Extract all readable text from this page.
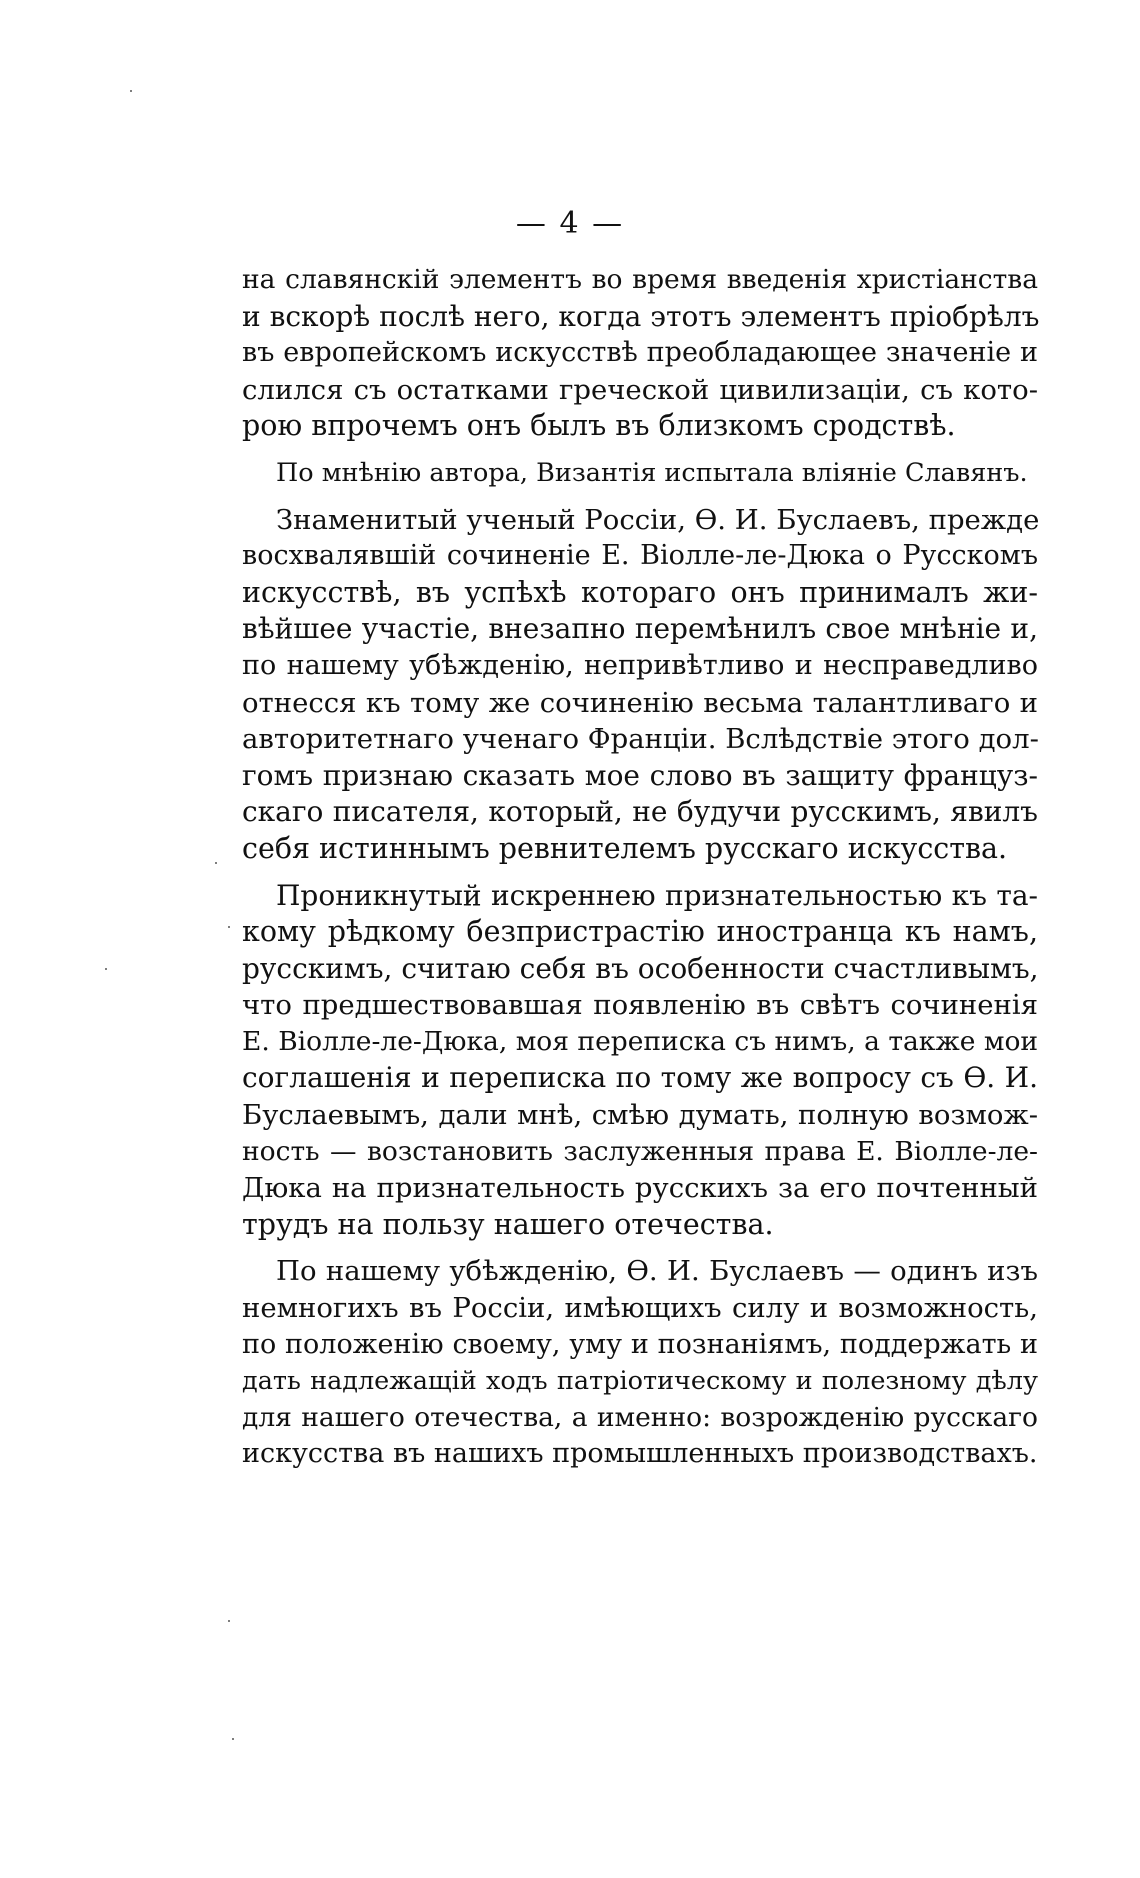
— 4 —
на славянскій элементъ во время введенія христіанства
и вскорѣ послѣ него, когда этотъ элементъ пріобрѣлъ
въ европейскомъ искусствѣ преобладающее значеніе и
слился съ остатками греческой цивилизаціи, съ кото-
рою впрочемъ онъ былъ въ близкомъ сродствѣ.
По мнѣнію автора, Византія испытала вліяніе Славянъ.
Знаменитый ученый Россіи, Ѳ. И. Буслаевъ, прежде
восхвалявшій сочиненіе Е. Віолле-ле-Дюка о Русскомъ
искусствѣ, въ успѣхѣ котораго онъ принималъ жи-
вѣйшее участіе, внезапно перемѣнилъ свое мнѣніе и,
по нашему убѣжденію, непривѣтливо и несправедливо
отнесся къ тому же сочиненію весьма талантливаго и
авторитетнаго ученаго Франціи. Вслѣдствіе этого дол-
гомъ признаю сказать мое слово въ защиту француз-
скаго писателя, который, не будучи русскимъ, явилъ
себя истиннымъ ревнителемъ русскаго искусства.
Проникнутый искреннею признательностью къ та-
кому рѣдкому безпристрастію иностранца къ намъ,
русскимъ, считаю себя въ особенности счастливымъ,
что предшествовавшая появленію въ свѣтъ сочиненія
Е. Віолле-ле-Дюка, моя переписка съ нимъ, а также мои
соглашенія и переписка по тому же вопросу съ Ѳ. И.
Буслаевымъ, дали мнѣ, смѣю думать, полную возмож-
ность — возстановить заслуженныя права Е. Віолле-ле-
Дюка на признательность русскихъ за его почтенный
трудъ на пользу нашего отечества.
По нашему убѣжденію, Ѳ. И. Буслаевъ — одинъ изъ
немногихъ въ Россіи, имѣющихъ силу и возможность,
по положенію своему, уму и познаніямъ, поддержать и
дать надлежащій ходъ патріотическому и полезному дѣлу
для нашего отечества, а именно: возрожденію русскаго
искусства въ нашихъ промышленныхъ производствахъ.
